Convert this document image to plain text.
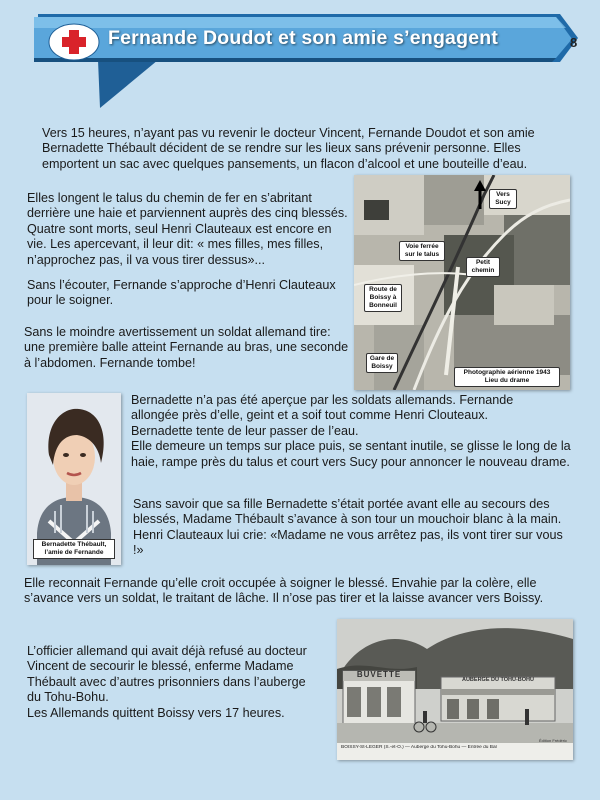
Fernande Doudot et son amie s’engagent	8
Vers 15 heures, n’ayant pas vu revenir le docteur Vincent, Fernande Doudot et son amie Bernadette Thébault décident de se rendre sur les lieux sans prévenir personne. Elles emportent un sac avec quelques pansements, un flacon d’alcool et une bouteille d’eau.
Elles longent le talus du chemin de fer en s’abritant derrière une haie et parviennent auprès des cinq blessés. Quatre sont morts, seul Henri Clauteaux est encore en vie. Les apercevant, il leur dit: « mes filles, mes filles, n’approchez pas, il va vous tirer dessus»...
Sans l’écouter, Fernande s’approche d’Henri Clauteaux pour le soigner.
Sans le moindre avertissement un soldat allemand tire: une première balle atteint Fernande au bras, une seconde à l’abdomen. Fernande tombe!
Vers Sucy
Voie ferrée sur le talus
Petit chemin
Route de Boissy à Bonneuil
Gare de Boissy
Photographie aérienne 1943
Lieu du drame
Bernadette Thébault,
l’amie de Fernande
Bernadette n’a pas été aperçue par les soldats allemands. Fernande allongée près d’elle, geint et a soif tout comme Henri Clouteaux. Bernadette tente de leur passer de l’eau.
Elle demeure un temps sur place puis, se sentant inutile, se glisse le long de la haie, rampe près du talus et court vers Sucy pour annoncer le nouveau drame.
Sans savoir que sa fille Bernadette s’était portée avant elle au secours des blessés, Madame Thébault s’avance à son tour un mouchoir blanc à la main. Henri Clauteaux lui crie: «Madame ne vous arrêtez pas, ils vont tirer sur vous !»
Elle reconnait Fernande qu’elle croit occupée à soigner le blessé. Envahie par la colère, elle s’avance vers un soldat, le traitant de lâche. Il n’ose pas tirer et la laisse avancer vers Boissy.
L’officier allemand qui avait déjà refusé au docteur Vincent de secourir le blessé, enferme Madame Thébault avec d’autres prisonniers dans l’auberge du Tohu-Bohu.
Les Allemands quittent Boissy vers 17 heures.
BUVETTE
AUBERGE DU TOHU-BOHU
BOISSY-St-LÉGER (S.-et-O.) — Auberge du Tohu-Bohu — Entrée du Bal
Édition Frédéric
